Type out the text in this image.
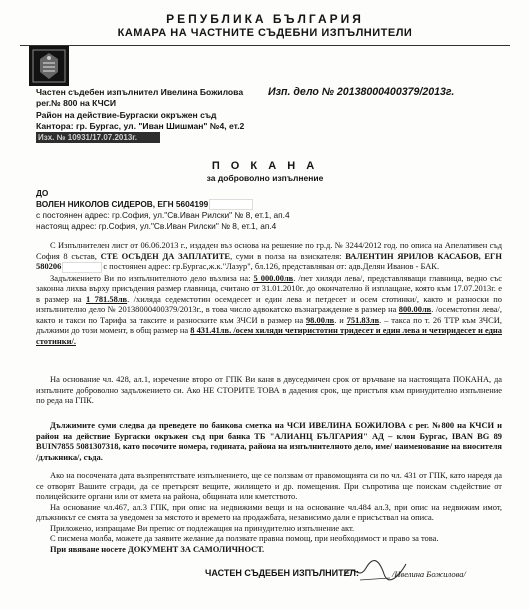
РЕПУБЛИКА БЪЛГАРИЯ
КАМАРА НА ЧАСТНИТЕ СЪДЕБНИ ИЗПЪЛНИТЕЛИ
Частен съдебен изпълнител Ивелина Божилова
рег.№ 800 на КЧСИ
Район на действие-Бургаски окръжен съд
Кантора: гр. Бургас, ул. "Иван Шишман" №4, ет.2
Изп. дело № 20138000400379/2013г.
Изх. № 10931/17.07.2013г.
П О К А Н А
за доброволно изпълнение
ДО
ВОЛЕН НИКОЛОВ СИДЕРОВ, ЕГН 5604199
с постоянен адрес: гр.София, ул."Св.Иван Рилски" № 8, ет.1, ап.4
настоящ адрес: гр.София, ул."Св.Иван Рилски" № 8, ет.1, ап.4

С Изпълнителен лист от 06.06.2013 г., издаден въз основа на решение по гр.д. № 3244/2012 год. по описа на Апелативен съд София 8 състав, СТЕ ОСЪДЕН ДА ЗАПЛАТИТЕ, суми в полза на взискателя: ВАЛЕНТИН ЯРИЛОВ КАСАБОВ, ЕГН 580206	с постоянен адрес: гр.Бургас,ж.к."Лазур", бл.126, представляван от: адв.Делян Иванов - БАК.

Задължението Ви по изпълнителното дело възлиза на: 5 000.00лв. /пет хиляди лева/, представляващи главница, ведно със законна лихва върху присъдения размер главница, считано от 31.01.2010г. до окончателно й изплащане, която към 17.07.2013г. е в размер на 1 781.58лв. /хиляда седемстотин осемдесет и един лева и петдесет и осем стотинки/, както и разноски по изпълнително дело № 20138000400379/2013г., в това число адвокатско възнаграждение в размер на 800.00лв. /осемстотин лева/, както и такси по Тарифа за таксите и разноските към ЗЧСИ в размер на 98.00лв. и 751.83лв. – такса по т. 26 ТТР към ЗЧСИ, дължими до този момент, в общ размер на 8 431.41лв. /осем хиляди четиристотин тридесет и един лева и четиридесет и една стотинки/.

На основание чл. 428, ал.1, изречение второ от ГПК Ви каня в двуседмичен срок от връчване на настоящата ПОКАНА, да изпълните доброволно задължението си. Ако НЕ СТОРИТЕ ТОВА в дадения срок, ще пристъпя към принудително изпълнение по реда на ГПК.

Дължимите суми следва да преведете по банкова сметка на ЧСИ ИВЕЛИНА БОЖИЛОВА с рег. №800 на КЧСИ и район на действие Бургаски окръжен съд при банка ТБ "АЛИАНЦ БЪЛГАРИЯ" АД – клон Бургас, IBAN BG 89 BUIN7855 5081307318, като посочите номера, годината, района на изпълнителното дело, име/ наименование на вносителя /длъжника/, съда.

Ако на посочената дата възпрепятствате изпълнението, ще се ползвам от правомощията си по чл. 431 от ГПК, като наредя да се отворят Вашите сгради, да се претърсят вещите, жилището и др. помещения. При съпротива ще поискам съдействие от полицейските органи или от кмета на района, общината или кметството.

На основание чл.467, ал.3 ГПК, при опис на недвижими вещи и на основание чл.484 ал.3, при опис на недвижим имот, длъжникът се смята за уведомен за мястото и времето на продажбата, независимо дали е присъствал на описа.

Приложено, изпращаме Ви препис от подлежащия на принудително изпълнение акт.

С писмена молба, можете да заявите желание да ползвате правна помощ, при необходимост и право за това.

При явяване носете ДОКУМЕНТ ЗА САМОЛИЧНОСТ.

ЧАСТЕН СЪДЕБЕН ИЗПЪЛНИТЕЛ:	/Ивелина Божилова/
